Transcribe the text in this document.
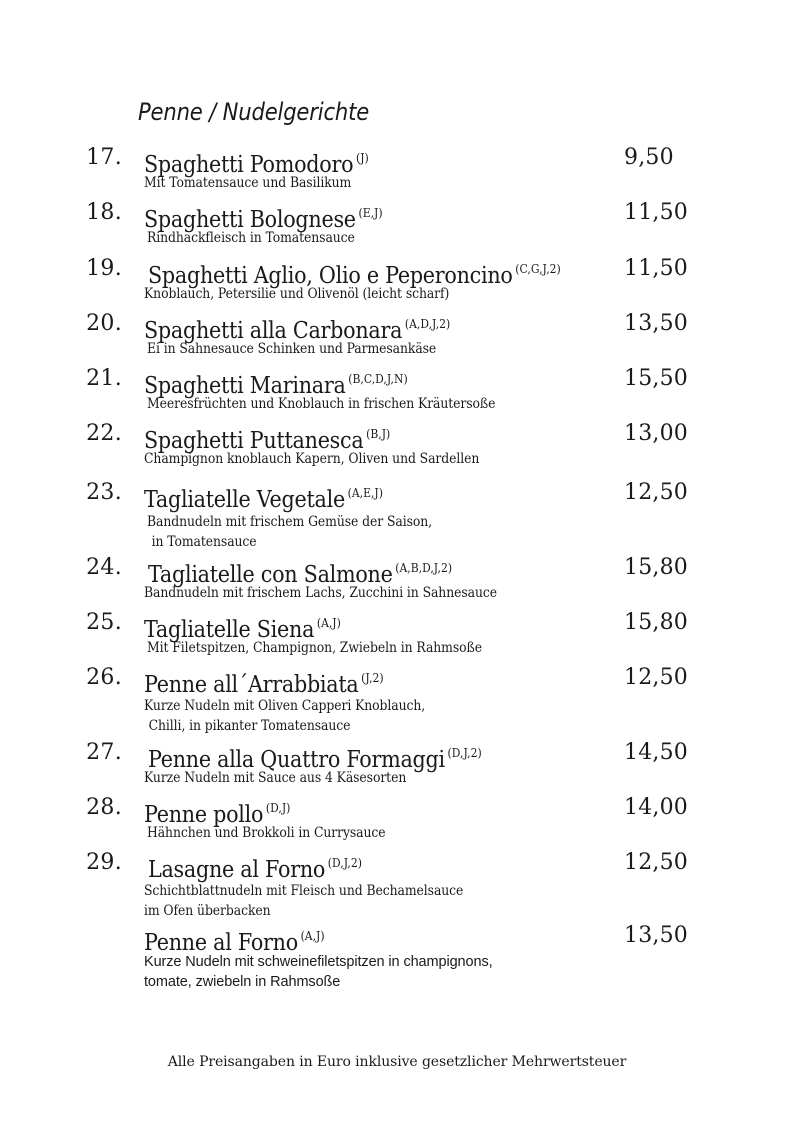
Penne / Nudelgerichte
17. Spaghetti Pomodoro $^{(J)}$	9,50
Mit Tomatensauce und Basilikum
18. Spaghetti Bolognese $^{(E,J)}$	11,50
Rindhackfleisch in Tomatensauce
19. Spaghetti Aglio, Olio e Peperoncino $^{(C,G,J,2)}$	11,50
Knoblauch, Petersilie und Olivenöl (leicht scharf)
20. Spaghetti alla Carbonara $^{(A,D,J,2)}$	13,50
Ei in Sahnesauce Schinken und Parmesankäse
21. Spaghetti Marinara $^{(B,C,D,J,N)}$	15,50
Meeresfrüchten und Knoblauch in frischen Kräutersoße
22. Spaghetti Puttanesca $^{(B,J)}$	13,00
Champignon knoblauch Kapern, Oliven und Sardellen
23. Tagliatelle Vegetale $^{(A,E,J)}$	12,50
Bandnudeln mit frischem Gemüse der Saison,
in Tomatensauce
24. Tagliatelle con Salmone $^{(A,B,D,J,2)}$	15,80
Bandnudeln mit frischem Lachs, Zucchini in Sahnesauce
25. Tagliatelle Siena $^{(A,J)}$	15,80
Mit Filetspitzen, Champignon, Zwiebeln in Rahmsoße
26. Penne all´Arrabbiata $^{(J,2)}$	12,50
Kurze Nudeln mit Oliven Capperi Knoblauch,
Chilli, in pikanter Tomatensauce
27. Penne alla Quattro Formaggi $^{(D,J,2)}$	14,50
Kurze Nudeln mit Sauce aus 4 Käsesorten
28. Penne pollo $^{(D,J)}$	14,00
Hähnchen und Brokkoli in Currysauce
29. Lasagne al Forno $^{(D,J,2)}$	12,50
Schichtblattnudeln mit Fleisch und Bechamelsauce
im Ofen überbacken
Penne al Forno $^{(A,J)}$	13,50
Kurze Nudeln mit schweinefiletspitzen in champignons,
tomate, zwiebeln in Rahmsoße
Alle Preisangaben in Euro inklusive gesetzlicher Mehrwertsteuer
